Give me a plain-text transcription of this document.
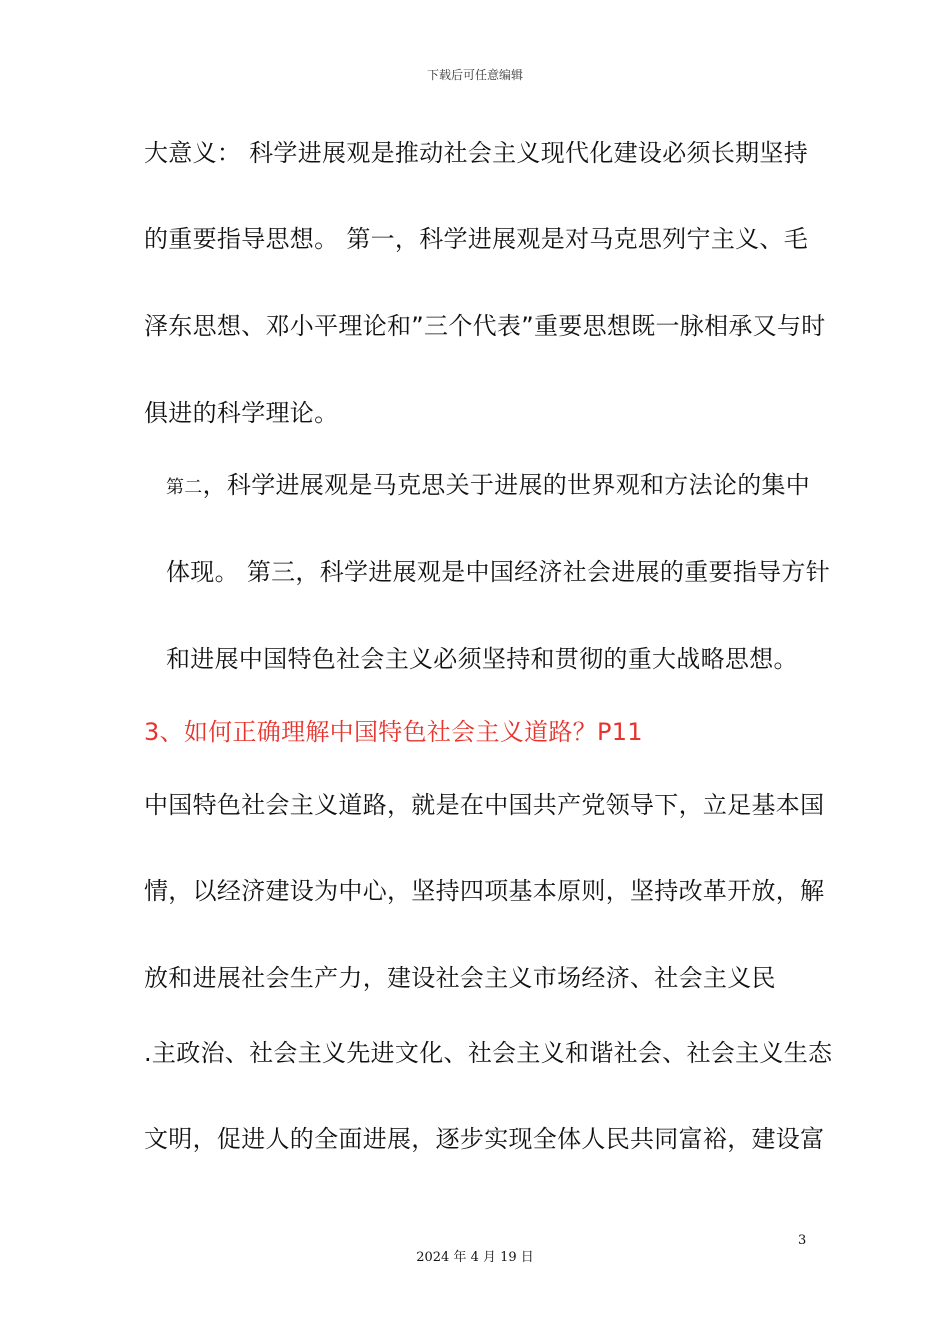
下载后可任意编辑
大意义： 科学进展观是推动社会主义现代化建设必须长期坚持
的重要指导思想。 第一，科学进展观是对马克思列宁主义、毛
泽东思想、邓小平理论和”三个代表”重要思想既一脉相承又与时
俱进的科学理论。
第二，科学进展观是马克思关于进展的世界观和方法论的集中
体现。 第三，科学进展观是中国经济社会进展的重要指导方针
和进展中国特色社会主义必须坚持和贯彻的重大战略思想。
3、如何正确理解中国特色社会主义道路？P11
中国特色社会主义道路，就是在中国共产党领导下，立足基本国
情，以经济建设为中心，坚持四项基本原则，坚持改革开放，解
放和进展社会生产力，建设社会主义市场经济、社会主义民
.主政治、社会主义先进文化、社会主义和谐社会、社会主义生态
文明，促进人的全面进展，逐步实现全体人民共同富裕，建设富
3
2024 年 4 月 19 日
